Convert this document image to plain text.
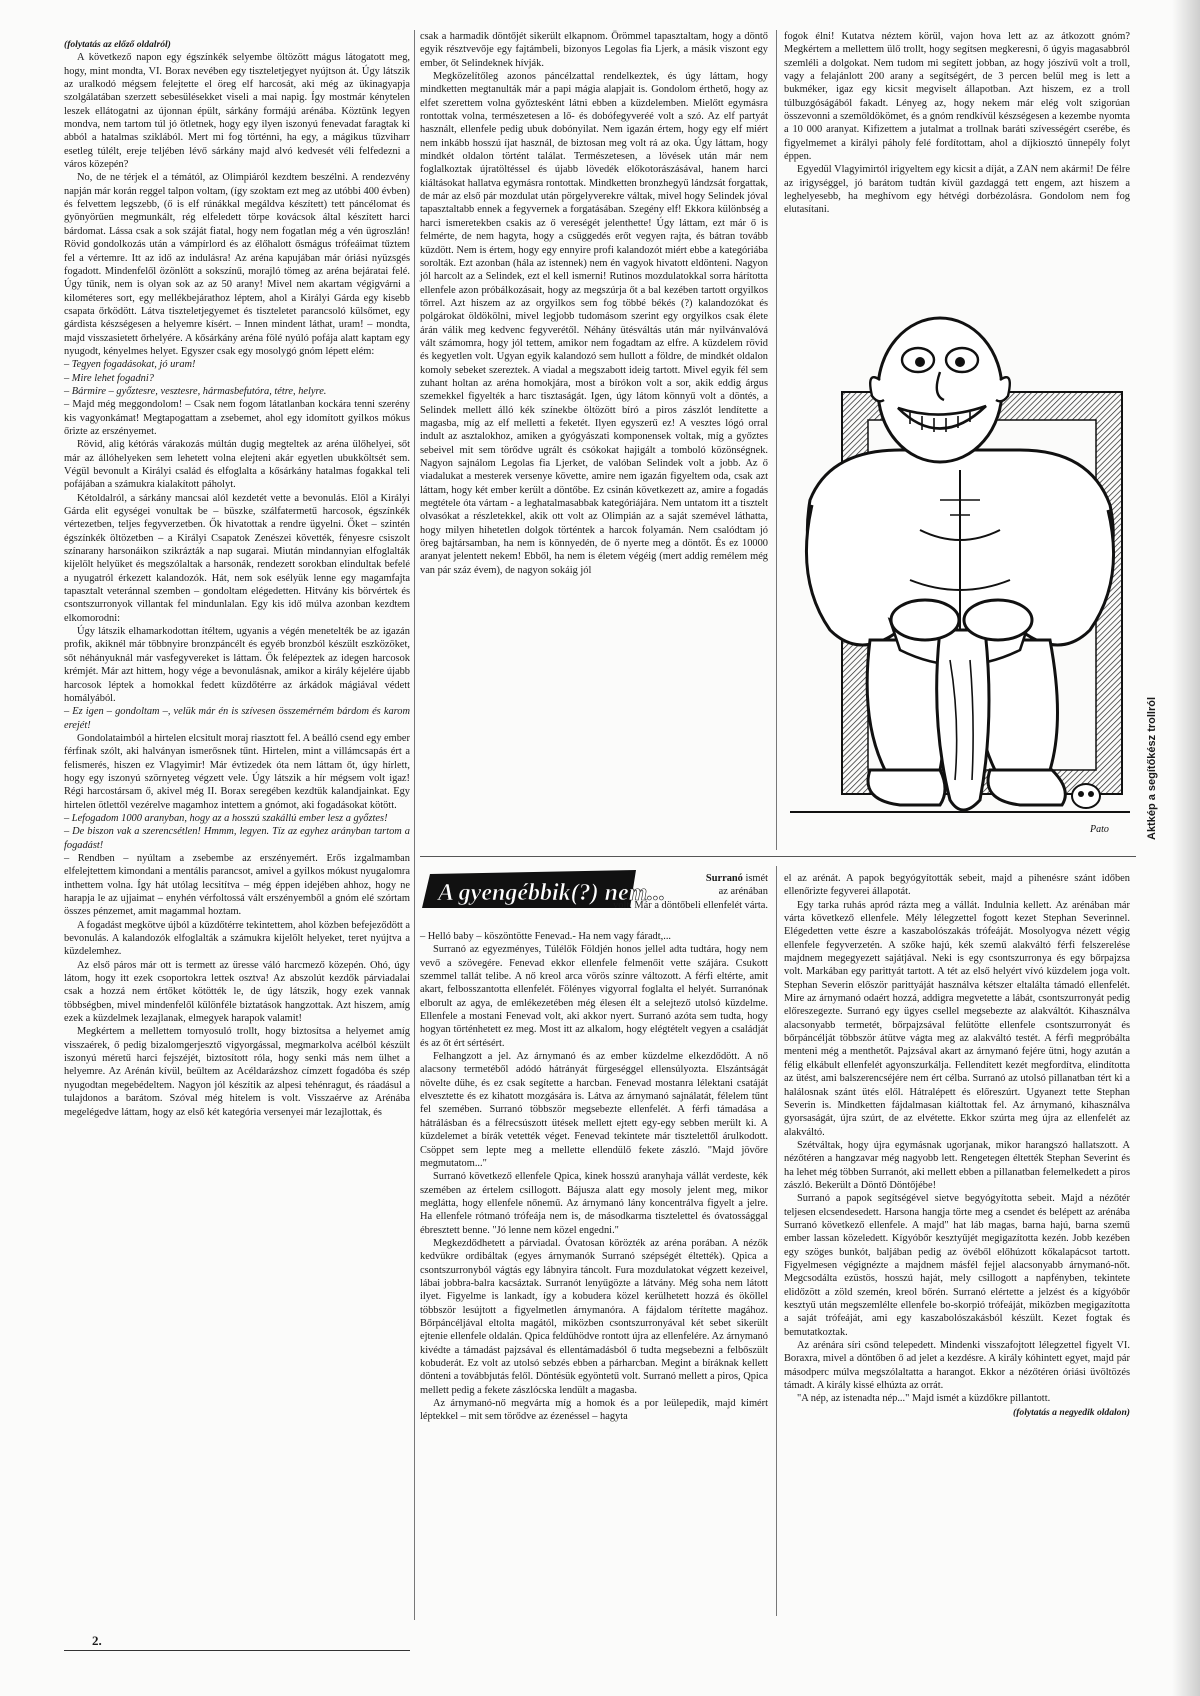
(folytatás az előző oldalról)

A következő napon egy égszínkék selyembe öltözött mágus látogatott meg, hogy, mint mondta, VI. Borax nevében egy tiszteletjegyet nyújtson át. Úgy látszik az uralkodó mégsem felejtette el öreg elf harcosát, aki még az ükinagyapja szolgálatában szerzett sebesülésekket viseli a mai napig. Így mostmár kénytelen leszek ellátogatni az újonnan épült, sárkány formájú arénába. Köztünk legyen mondva, nem tartom túl jó ötletnek, hogy egy ilyen iszonyú fenevadat faragtak ki abból a hatalmas sziklából. Mert mi fog történni, ha egy, a mágikus tűzviharr esetleg túlélt, ereje teljében lévő sárkány majd alvó kedvesét véli felfedezni a város közepén?

No, de ne térjek el a témától, az Olimpiáról kezdtem beszélni. A rendezvény napján már korán reggel talpon voltam, (így szoktam ezt meg az utóbbi 400 évben) és felvettem legszebb, (ő is elf rúnákkal megáldva készített) tett páncélomat és gyönyörűen megmunkált, rég elfeledett törpe kovácsok által készített harci bárdomat. Lássa csak a sok száját fiatal, hogy nem fogatlan még a vén ügroszlán! Rövid gondolkozás után a vámpírlord és az élőhalott ősmágus trófeáimat tűztem fel a vértemre. Itt az idő az indulásra! Az aréna kapujában már óriási nyüzsgés fogadott. Mindenfelől özönlött a sokszínű, morajló tömeg az aréna bejáratai felé. Úgy tűnik, nem is olyan sok az az 50 arany! Mivel nem akartam végigvárni a kilométeres sort, egy mellékbejárathoz léptem, ahol a Királyi Gárda egy kisebb csapata őrködött. Látva tiszteletjegyemet és tiszteletet parancsoló külsőmet, egy gárdista készségesen a helyemre kísért. – Innen mindent láthat, uram! – mondta, majd visszasietett őrhelyére. A kősárkány aréna fölé nyúló pofája alatt kaptam egy nyugodt, kényelmes helyet. Egyszer csak egy mosolygó gnóm lépett elém:

– Tegyen fogadásokat, jó uram!

– Mire lehet fogadni?

– Bármire – győztesre, vesztesre, hármasbefutóra, tétre, helyre.

– Majd még meggondolom! – Csak nem fogom látatlanban kockára tenni szerény kis vagyonkámat! Megtapogattam a zsebemet, ahol egy idomított gyilkos mókus őrizte az erszényemet.

Rövid, alig kétórás várakozás múltán dugig megteltek az aréna ülőhelyei, sőt már az állóhelyeken sem lehetett volna elejteni akár egyetlen ubukköltsét sem. Végül bevonult a Királyi család és elfoglalta a kősárkány hatalmas fogakkal teli pofájában a számukra kialakított páholyt.

Kétoldalról, a sárkány mancsai alól kezdetét vette a bevonulás. Elöl a Királyi Gárda elit egységei vonultak be – büszke, szálfatermetű harcosok, égszínkék vértezetben, teljes fegyverzetben. Ők hivatottak a rendre ügyelni. Őket – szintén égszínkék öltözetben – a Királyi Csapatok Zenészei követték, fényesre csiszolt színarany harsonáikon szikrázták a nap sugarai. Miután mindannyian elfoglalták kijelölt helyüket és megszólaltak a harsonák, rendezett sorokban elindultak befelé a nyugatról érkezett kalandozók. Hát, nem sok esélyük lenne egy magamfajta tapasztalt veteránnal szemben – gondoltam elégedetten. Hitvány kis börvértek és csontszurronyok villantak fel mindunlalan. Egy kis idő múlva azonban kezdtem elkomorodni:

Úgy látszik elhamarkodottan ítéltem, ugyanis a végén menetelték be az igazán profik, akiknél már többnyire bronzpáncélt és egyéb bronzból készült eszközöket, sőt néhányuknál már vasfegyvereket is láttam. Ők felépeztek az idegen harcosok krémjét. Már azt hittem, hogy vége a bevonulásnak, amikor a király kéjelére újabb harcosok léptek a homokkal fedett küzdőtérre az árkádok mágiával védett homályából.

– Ez igen – gondoltam –, velük már én is szívesen összemérném bárdom és karom erejét!

Gondolataimból a hirtelen elcsitult moraj riasztott fel. A beálló csend egy ember férfinak szólt, aki halványan ismerősnek tűnt. Hirtelen, mint a villámcsapás ért a felismerés, hiszen ez Vlagyimir! Már évtizedek óta nem láttam őt, úgy hírlett, hogy egy iszonyú szörnyeteg végzett vele. Úgy látszik a hír mégsem volt igaz! Régi harcostársam ő, akivel még II. Borax seregében kezdtük kalandjainkat. Egy hirtelen ötlettől vezérelve magamhoz intettem a gnómot, aki fogadásokat kötött.

– Lefogadom 1000 aranyban, hogy az a hosszú szakállú ember lesz a győztes!

– De biszon vak a szerencsétlen! Hmmm, legyen. Tíz az egyhez arányban tartom a fogadást!

– Rendben – nyúltam a zsebembe az erszényemért. Erős izgalmamban elfelejtettem kimondani a mentális parancsot, amivel a gyilkos mókust nyugalomra inthettem volna. Így hát utólag lecsitítva – még éppen idejében ahhoz, hogy ne harapja le az ujjaimat – enyhén vérfoltossá vált erszényemből a gnóm elé szórtam összes pénzemet, amit magammal hoztam.

A fogadást megkötve újból a küzdőtérre tekintettem, ahol közben befejeződött a bevonulás. A kalandozók elfoglalták a számukra kijelölt helyeket, teret nyújtva a küzdelemhez.

Az első páros már ott is termett az üresse váló harcmező közepén. Ohó, úgy látom, hogy itt ezek csoportokra lettek osztva! Az abszolút kezdők párviadalai csak a hozzá nem értőket kötötték le, de úgy látszik, hogy ezek vannak többségben, mivel mindenfelől különféle biztatások hangzottak. Azt hiszem, amíg ezek a küzdelmek lezajlanak, elmegyek harapok valamit!

Megkértem a mellettem tornyosuló trollt, hogy biztosítsa a helyemet amíg visszaérek, ő pedig bizalomgerjesztő vigyorgással, megmarkolva acélból készült iszonyú méretű harci fejszéjét, biztosított róla, hogy senki más nem ülhet a helyemre. Az Arénán kívül, beültem az Acéldarázshoz címzett fogadóba és szép nyugodtan megebédeltem. Nagyon jól készítik az alpesi tehénragut, és ráadásul a tulajdonos a barátom. Szóval még hitelem is volt. Visszaérve az Arénába megelégedve láttam, hogy az első két kategória versenyei már lezajlottak, és

csak a harmadik döntőjét sikerült elkapnom. Örömmel tapasztaltam, hogy a döntő egyik résztvevője egy fajtámbeli, bizonyos Legolas fia Ljerk, a másik viszont egy ember, őt Selindeknek hívják.

Megközelítőleg azonos páncélzattal rendelkeztek, és úgy láttam, hogy mindketten megtanulták már a papi mágia alapjait is. Gondolom érthető, hogy az elfet szerettem volna győztesként látni ebben a küzdelemben. Mielőtt egymásra rontottak volna, természetesen a lő- és dobófegyveréé volt a szó. Az elf partyát használt, ellenfele pedig ubuk dobónyilat. Nem igazán értem, hogy egy elf miért nem inkább hosszú íjat használ, de biztosan meg volt rá az oka. Úgy láttam, hogy mindkét oldalon történt találat. Természetesen, a lövések után már nem foglalkoztak újratöltéssel és újabb lövedék előkotorászásával, hanem harci kiáltásokat hallatva egymásra rontottak. Mindketten bronzhegyű lándzsát forgattak, de már az első pár mozdulat után pörgelyverekre váltak, mivel hogy Selindek jóval tapasztaltabb ennek a fegyvernek a forgatásában. Szegény elf! Ekkora különbség a harci ismeretekben csakis az ő vereségét jelenthette! Úgy láttam, ezt már ő is felmérte, de nem hagyta, hogy a csüggedés erőt vegyen rajta, és bátran tovább küzdött. Nem is értem, hogy egy ennyire profi kalandozót miért ebbe a kategóriába sorolták. Ezt azonban (hála az istennek) nem én vagyok hivatott eldönteni. Nagyon jól harcolt az a Selindek, ezt el kell ismerni! Rutinos mozdulatokkal sorra hárította ellenfele azon próbálkozásait, hogy az megszúrja őt a bal kezében tartott orgyilkos tőrrel. Azt hiszem az az orgyilkos sem fog többé békés (?) kalandozókat és polgárokat öldökölni, mivel legjobb tudomásom szerint egy orgyilkos csak élete árán válik meg kedvenc fegyverétől. Néhány ütésváltás után már nyilvánvalóvá vált számomra, hogy jól tettem, amikor nem fogadtam az elfre. A küzdelem rövid és kegyetlen volt. Ugyan egyik kalandozó sem hullott a földre, de mindkét oldalon komoly sebeket szereztek. A viadal a megszabott ideig tartott. Mivel egyik fél sem zuhant holtan az aréna homokjára, most a bírókon volt a sor, akik eddig árgus szemekkel figyelték a harc tisztaságát. Igen, úgy látom könnyű volt a döntés, a Selindek mellett álló kék színekbe öltözött bíró a piros zászlót lendítette a magasba, míg az elf melletti a feketét. Ilyen egyszerű ez! A vesztes lógó orral indult az asztalokhoz, amiken a gyógyászati komponensek voltak, míg a győztes sebeivel mit sem törődve ugrált és csókokat hajigált a tomboló közönségnek. Nagyon sajnálom Legolas fia Ljerket, de valóban Selindek volt a jobb. Az ő viadalukat a mesterek versenye követte, amire nem igazán figyeltem oda, csak azt láttam, hogy két ember került a döntőbe. Ez csinán következett az, amire a fogadás megtétele óta vártam - a leghatalmasabbak kategóriájára. Nem untatom itt a tisztelt olvasókat a részletekkel, akik ott volt az Olimpián az a saját szemével láthatta, hogy milyen hihetetlen dolgok történtek a harcok folyamán. Nem csalódtam jó öreg bajtársamban, ha nem is könnyedén, de ő nyerte meg a döntőt. És ez 10000 aranyat jelentett nekem! Ebből, ha nem is életem végéig (mert addig remélem még van pár száz évem), de nagyon sokáig jól

fogok élni! Kutatva néztem körül, vajon hova lett az az átkozott gnóm? Megkértem a mellettem ülő trollt, hogy segítsen megkeresni, ő úgyis magasabbról szemléli a dolgokat. Nem tudom mi segített jobban, az hogy jószívű volt a troll, vagy a felajánlott 200 arany a segítségért, de 3 percen belül meg is lett a bukméker, igaz egy kicsit megviselt állapotban. Azt hiszem, ez a troll túlbuzgóságából fakadt. Lényeg az, hogy nekem már elég volt szigorúan összevonni a szemöldökömet, és a gnóm rendkívül készségesen a kezembe nyomta a 10 000 aranyat. Kifizettem a jutalmat a trollnak baráti szívességért cserébe, és figyelmemet a királyi páholy felé fordítottam, ahol a díjkiosztó ünnepély folyt éppen.

Egyedül Vlagyimirtól irigyeltem egy kicsit a díját, a ZAN nem akármi! De félre az irigységgel, jó barátom tudtán kívül gazdaggá tett engem, azt hiszem a leghelyesebb, ha meghívom egy hétvégi dorbézolásra. Gondolom nem fog elutasítani.

Pato	Aktkép a segítőkész trollról
A gyengébbik(?) nem...
Surranó ismét
az arénában
volt. Már a döntőbeli ellenfelét várta.

– Helló baby – köszöntötte Fenevad.- Ha nem vagy fáradt,...

Surranó az egyezményes, Túlélők Földjén honos jellel adta tudtára, hogy nem vevő a szövegére. Fenevad ekkor ellenfele felmenőit vette szájára. Csukott szemmel tallát telibe. A nő kreol arca vörös színre változott. A férfi eltérte, amit akart, felbosszantotta ellenfelét. Fölényes vigyorral foglalta el helyét. Surranónak elborult az agya, de emlékezetében még élesen élt a selejtező utolsó küzdelme. Ellenfele a mostani Fenevad volt, aki akkor nyert. Surranó azóta sem tudta, hogy hogyan történhetett ez meg. Most itt az alkalom, hogy elégtételt vegyen a családját és az őt ért sértésért.

Felhangzott a jel. Az árnymanó és az ember küzdelme elkezdődött. A nő alacsony termetéből adódó hátrányát fürgeséggel ellensúlyozta. Elszántságát növelte dühe, és ez csak segítette a harcban. Fenevad mostanra lélektani csatáját elvesztette és ez kihatott mozgására is. Látva az árnymanó sajnálatát, félelem tűnt fel szemében. Surranó többször megsebezte ellenfelét. A férfi támadása a hátrálásban és a félrecsúszott ütések mellett ejtett egy-egy sebben merült ki. A küzdelemet a bírák vetették véget. Fenevad tekintete már tisztelettől árulkodott. Csöppet sem lepte meg a mellette ellendülő fekete zászló. "Majd jövőre megmutatom..."

Surranó következő ellenfele Qpica, kinek hosszú aranyhaja vállát verdeste, kék szemében az értelem csillogott. Bájusza alatt egy mosoly jelent meg, mikor meglátta, hogy ellenfele nőnemű. Az árnymanó lány koncentrálva figyelt a jelre. Ha ellenfele rótmanó trófeája nem is, de másodkarma tisztelettel és óvatossággal ébresztett benne. "Jó lenne nem közel engedni."

Megkezdődhetett a párviadal. Óvatosan körözték az aréna porában. A nézők kedvükre ordibáltak (egyes árnymanók Surranó szépségét éltették). Qpica a csontszurronyból vágtás egy lábnyira táncolt. Fura mozdulatokat végzett kezeivel, lábai jobbra-balra kacsáztak. Surranót lenyűgözte a látvány. Még soha nem látott ilyet. Figyelme is lankadt, így a kobudera közel kerülhetett hozzá és ököllel többször lesújtott a figyelmetlen árnymanóra. A fájdalom térítette magához. Bőrpáncéljával eltolta magától, miközben csontszurronyával két sebet sikerült ejtenie ellenfele oldalán. Qpica feldühödve rontott újra az ellenfelére. Az árnymanó kivédte a támadást pajzsával és ellentámadásból ő tudta megsebezni a felbőszült kobuderát. Ez volt az utolsó sebzés ebben a párharcban. Megint a bíráknak kellett dönteni a továbbjutás felől. Döntésük egyöntetű volt. Surranó mellett a piros, Qpica mellett pedig a fekete zászlócska lendült a magasba.

Az árnymanó-nő megvárta míg a homok és a por leülepedik, majd kimért léptekkel – mit sem törődve az ézenéssel – hagyta

el az arénát. A papok begyógyították sebeit, majd a pihenésre szánt időben ellenőrizte fegyverei állapotát.

Egy tarka ruhás apród rázta meg a vállát. Indulnia kellett. Az arénában már várta következő ellenfele. Mély lélegzettel fogott kezet Stephan Severinnel. Elégedetten vette észre a kaszabolószakás trófeáját. Mosolyogva nézett végig ellenfele fegyverzetén. A szőke hajú, kék szemű alakváltó férfi felszerelése majdnem megegyezett sajátjával. Neki is egy csontszurronya és egy bőrpajzsa volt. Markában egy parittyát tartott. A tét az első helyért vívó küzdelem joga volt. Stephan Severin először parittyáját használva kétszer eltalálta támadó ellenfelét. Mire az árnymanó odaért hozzá, addigra megvetette a lábát, csontszurronyát pedig előreszegezte. Surranó egy ügyes csellel megsebezte az alakváltót. Kihasználva alacsonyabb termetét, bőrpajzsával felütötte ellenfele csontszurronyát és bőrpáncélját többször átütve vágta meg az alakváltó testét. A férfi megpróbálta menteni még a menthetőt. Pajzsával akart az árnymanó fejére ütni, hogy azután a félig elkábult ellenfelét agyonszurkálja. Fellendített kezét megfordítva, elindította az ütést, ami balszerencséjére nem ért célba. Surranó az utolsó pillanatban tért ki a halálosnak szánt ütés elől. Hátralépett és előreszúrt. Ugyanezt tette Stephan Severin is. Mindketten fájdalmasan kiáltottak fel. Az árnymanó, kihasználva gyorsaságát, újra szúrt, de az elvétette. Ekkor szúrta meg újra az ellenfelét az alakváltó.

Szétváltak, hogy újra egymásnak ugorjanak, mikor harangszó hallatszott. A nézőtéren a hangzavar még nagyobb lett. Rengetegen éltették Stephan Severint és ha lehet még többen Surranót, aki mellett ebben a pillanatban felemelkedett a piros zászló. Bekerült a Döntő Döntőjébe!

Surranó a papok segítségével sietve begyógyította sebeit. Majd a nézőtér teljesen elcsendesedett. Harsona hangja törte meg a csendet és belépett az arénába Surranó következő ellenfele. A majd" hat láb magas, barna hajú, barna szemű ember lassan közeledett. Kígyóbőr kesztyűjét megigazította kezén. Jobb kezében egy szöges bunkót, baljában pedig az övéből előhúzott kőkalapácsot tartott. Figyelmesen végignézte a majdnem másfél fejjel alacsonyabb árnymanó-nőt. Megcsodálta ezüstös, hosszú haját, mely csillogott a napfényben, tekintete elidőzött a zöld szemén, kreol bőrén. Surranó elértette a jelzést és a kígyóbőr kesztyű után megszemlélte ellenfele bo-skorpió trófeáját, miközben megigazította a saját trófeáját, ami egy kaszabolószakásból készült. Kezet fogtak és bemutatkoztak.

Az arénára síri csönd telepedett. Mindenki visszafojtott lélegzettel figyelt VI. Boraxra, mivel a döntőben ő ad jelet a kezdésre. A király kóhintett egyet, majd pár másodperc múlva megszólaltatta a harangot. Ekkor a nézőtéren óriási üvöltözés támadt. A király kissé elhúzta az orrát.

"A nép, az istenadta nép..." Majd ismét a küzdőkre pillantott.

(folytatás a negyedik oldalon)

2.
